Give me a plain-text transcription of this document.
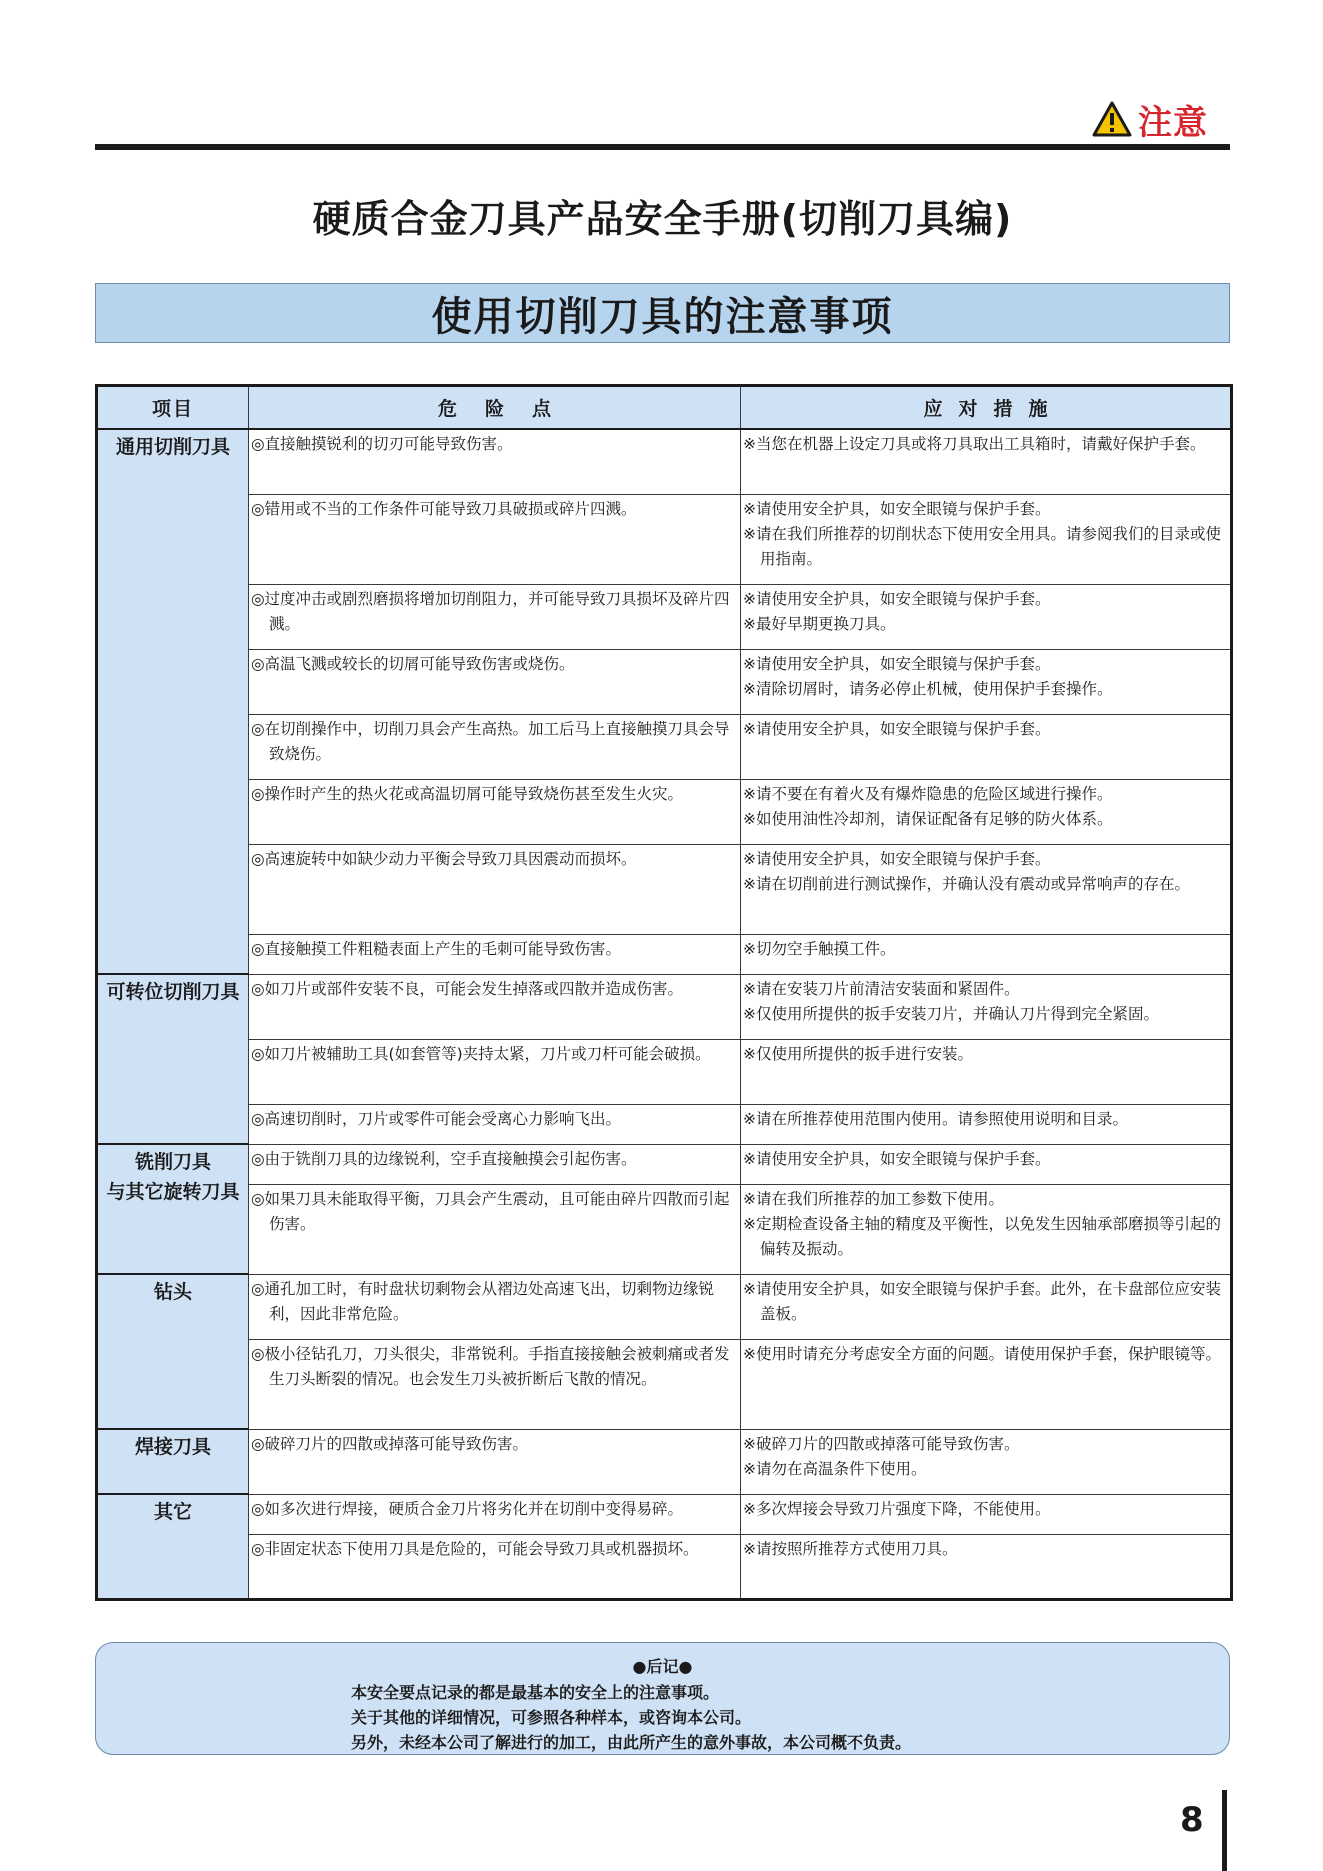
注意
硬质合金刀具产品安全手册(切削刀具编)
使用切削刀具的注意事项
项目	危险点	应对措施

通用切削刀具	◎直接触摸锐利的切刃可能导致伤害。	※当您在机器上设定刀具或将刀具取出工具箱时，请戴好保护手套。

	◎错用或不当的工作条件可能导致刀具破损或碎片四溅。	※请使用安全护具，如安全眼镜与保护手套。
※请在我们所推荐的切削状态下使用安全用具。请参阅我们的目录或使用指南。

	◎过度冲击或剧烈磨损将增加切削阻力，并可能导致刀具损坏及碎片四溅。	※请使用安全护具，如安全眼镜与保护手套。
※最好早期更换刀具。

	◎高温飞溅或较长的切屑可能导致伤害或烧伤。	※请使用安全护具，如安全眼镜与保护手套。
※清除切屑时，请务必停止机械，使用保护手套操作。

	◎在切削操作中，切削刀具会产生高热。加工后马上直接触摸刀具会导致烧伤。	※请使用安全护具，如安全眼镜与保护手套。

	◎操作时产生的热火花或高温切屑可能导致烧伤甚至发生火灾。	※请不要在有着火及有爆炸隐患的危险区域进行操作。
※如使用油性冷却剂，请保证配备有足够的防火体系。

	◎高速旋转中如缺少动力平衡会导致刀具因震动而损坏。	※请使用安全护具，如安全眼镜与保护手套。
※请在切削前进行测试操作，并确认没有震动或异常响声的存在。

	◎直接触摸工件粗糙表面上产生的毛刺可能导致伤害。	※切勿空手触摸工件。

可转位切削刀具	◎如刀片或部件安装不良，可能会发生掉落或四散并造成伤害。	※请在安装刀片前清洁安装面和紧固件。
※仅使用所提供的扳手安装刀片，并确认刀片得到完全紧固。

	◎如刀片被辅助工具(如套管等)夹持太紧，刀片或刀杆可能会破损。	※仅使用所提供的扳手进行安装。

	◎高速切削时，刀片或零件可能会受离心力影响飞出。	※请在所推荐使用范围内使用。请参照使用说明和目录。

铣削刀具
与其它旋转刀具	◎由于铣削刀具的边缘锐利，空手直接触摸会引起伤害。	※请使用安全护具，如安全眼镜与保护手套。

	◎如果刀具未能取得平衡，刀具会产生震动，且可能由碎片四散而引起伤害。	※请在我们所推荐的加工参数下使用。
※定期检查设备主轴的精度及平衡性，以免发生因轴承部磨损等引起的偏转及振动。

钻头	◎通孔加工时，有时盘状切剩物会从褶边处高速飞出，切剩物边缘锐利，因此非常危险。	※请使用安全护具，如安全眼镜与保护手套。此外，在卡盘部位应安装盖板。

	◎极小径钻孔刀，刀头很尖，非常锐利。手指直接接触会被刺痛或者发生刀头断裂的情况。也会发生刀头被折断后飞散的情况。	※使用时请充分考虑安全方面的问题。请使用保护手套，保护眼镜等。

焊接刀具	◎破碎刀片的四散或掉落可能导致伤害。	※破碎刀片的四散或掉落可能导致伤害。
※请勿在高温条件下使用。

其它	◎如多次进行焊接，硬质合金刀片将劣化并在切削中变得易碎。	※多次焊接会导致刀片强度下降，不能使用。

	◎非固定状态下使用刀具是危险的，可能会导致刀具或机器损坏。	※请按照所推荐方式使用刀具。
●后记●
本安全要点记录的都是最基本的安全上的注意事项。
关于其他的详细情况，可参照各种样本，或咨询本公司。
另外，未经本公司了解进行的加工，由此所产生的意外事故，本公司概不负责。
8
